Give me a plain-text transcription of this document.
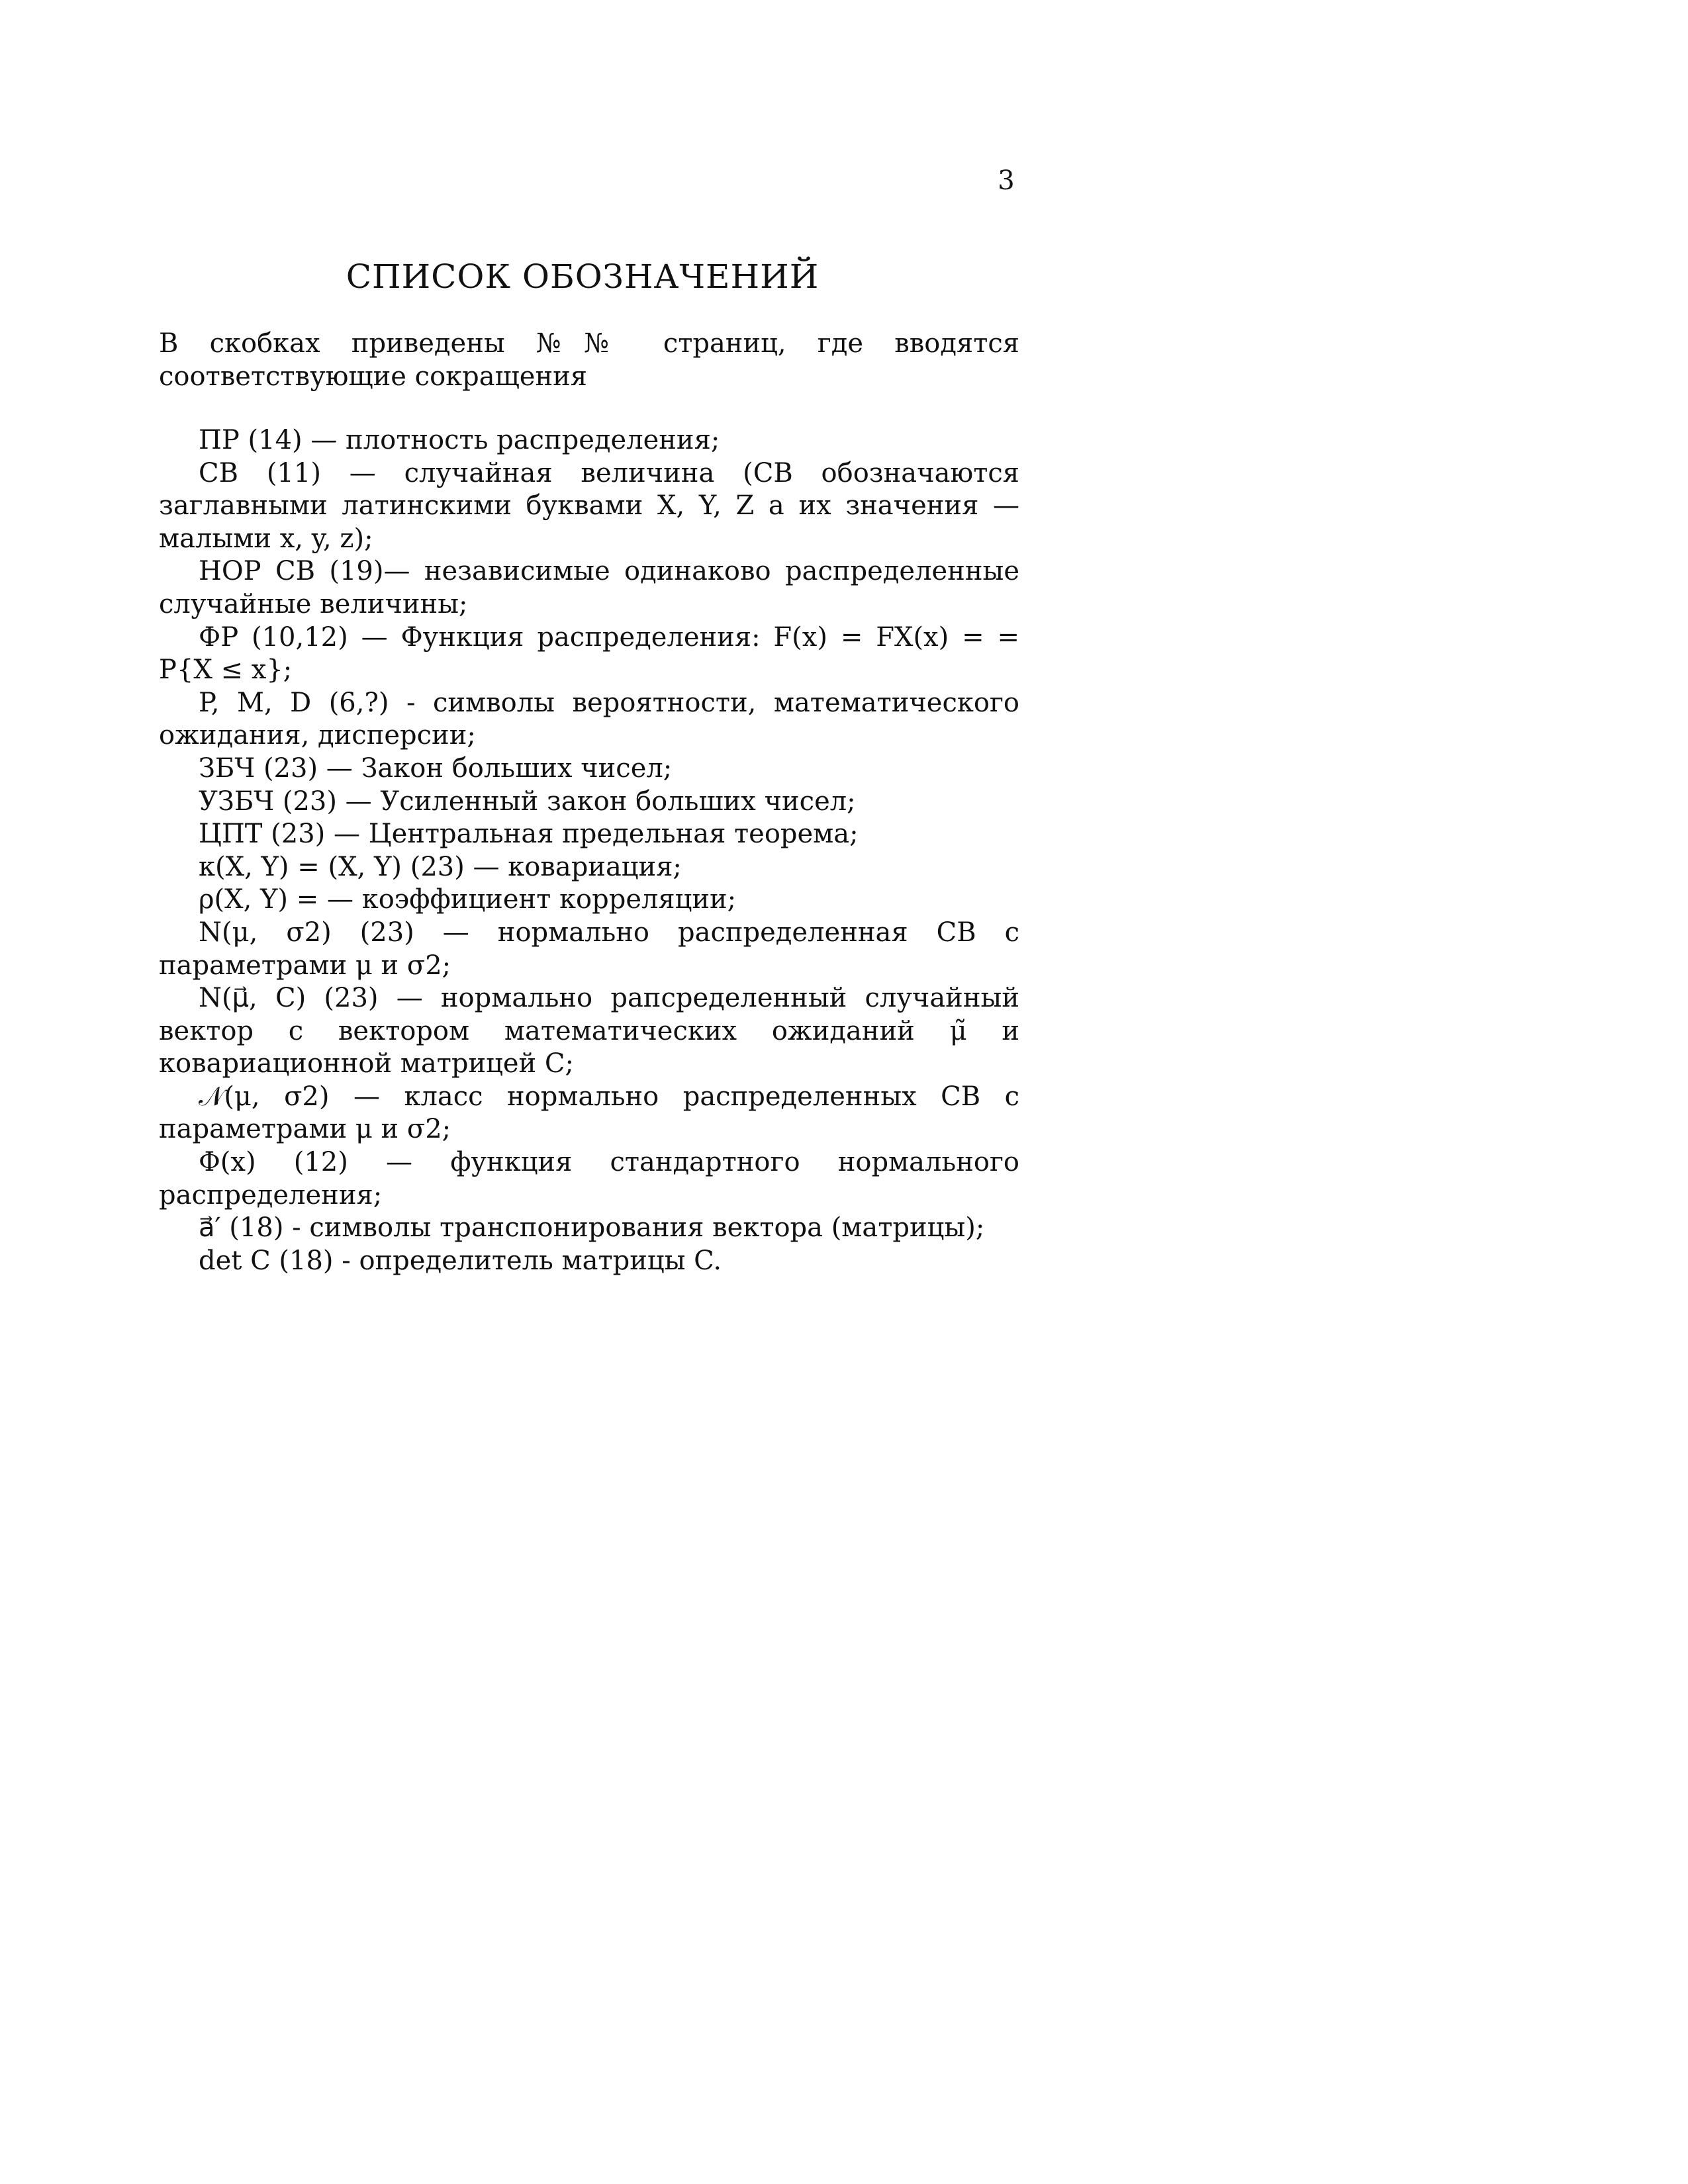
3
СПИСОК ОБОЗНАЧЕНИЙ
В скобках приведены №№ страниц, где вводятся соответствующие сокращения
ПР (14) — плотность распределения;
СВ (11) — случайная величина (СВ обозначаются заглавными латинскими буквами X, Y, Z а их значения — малыми x, y, z);
НОР СВ (19)— независимые одинаково распределенные случайные величины;
ФР (10,12) — Функция распределения: F(x) = FX(x) = = P{X ≤ x};
P, M, D (6,?) - символы вероятности, математического ожидания, дисперсии;
ЗБЧ (23) — Закон больших чисел;
УЗБЧ (23) — Усиленный закон больших чисел;
ЦПТ (23) — Центральная предельная теорема;
κ(X, Y) = (X, Y) (23) — ковариация;
ρ(X, Y) = — коэффициент корреляции;
N(μ, σ2) (23) — нормально распределенная СВ с параметрами μ и σ2;
N(μ⃗, C) (23) — нормально рапсределенный случайный вектор с вектором математических ожиданий μ̃ и ковариационной матрицей C;
𝒩(μ, σ2) — класс нормально распределенных СВ с параметрами μ и σ2;
Φ(x) (12) — функция стандартного нормального распределения;
a⃗′ (18) - символы транспонирования вектора (матрицы);
det C (18) - определитель матрицы C.
